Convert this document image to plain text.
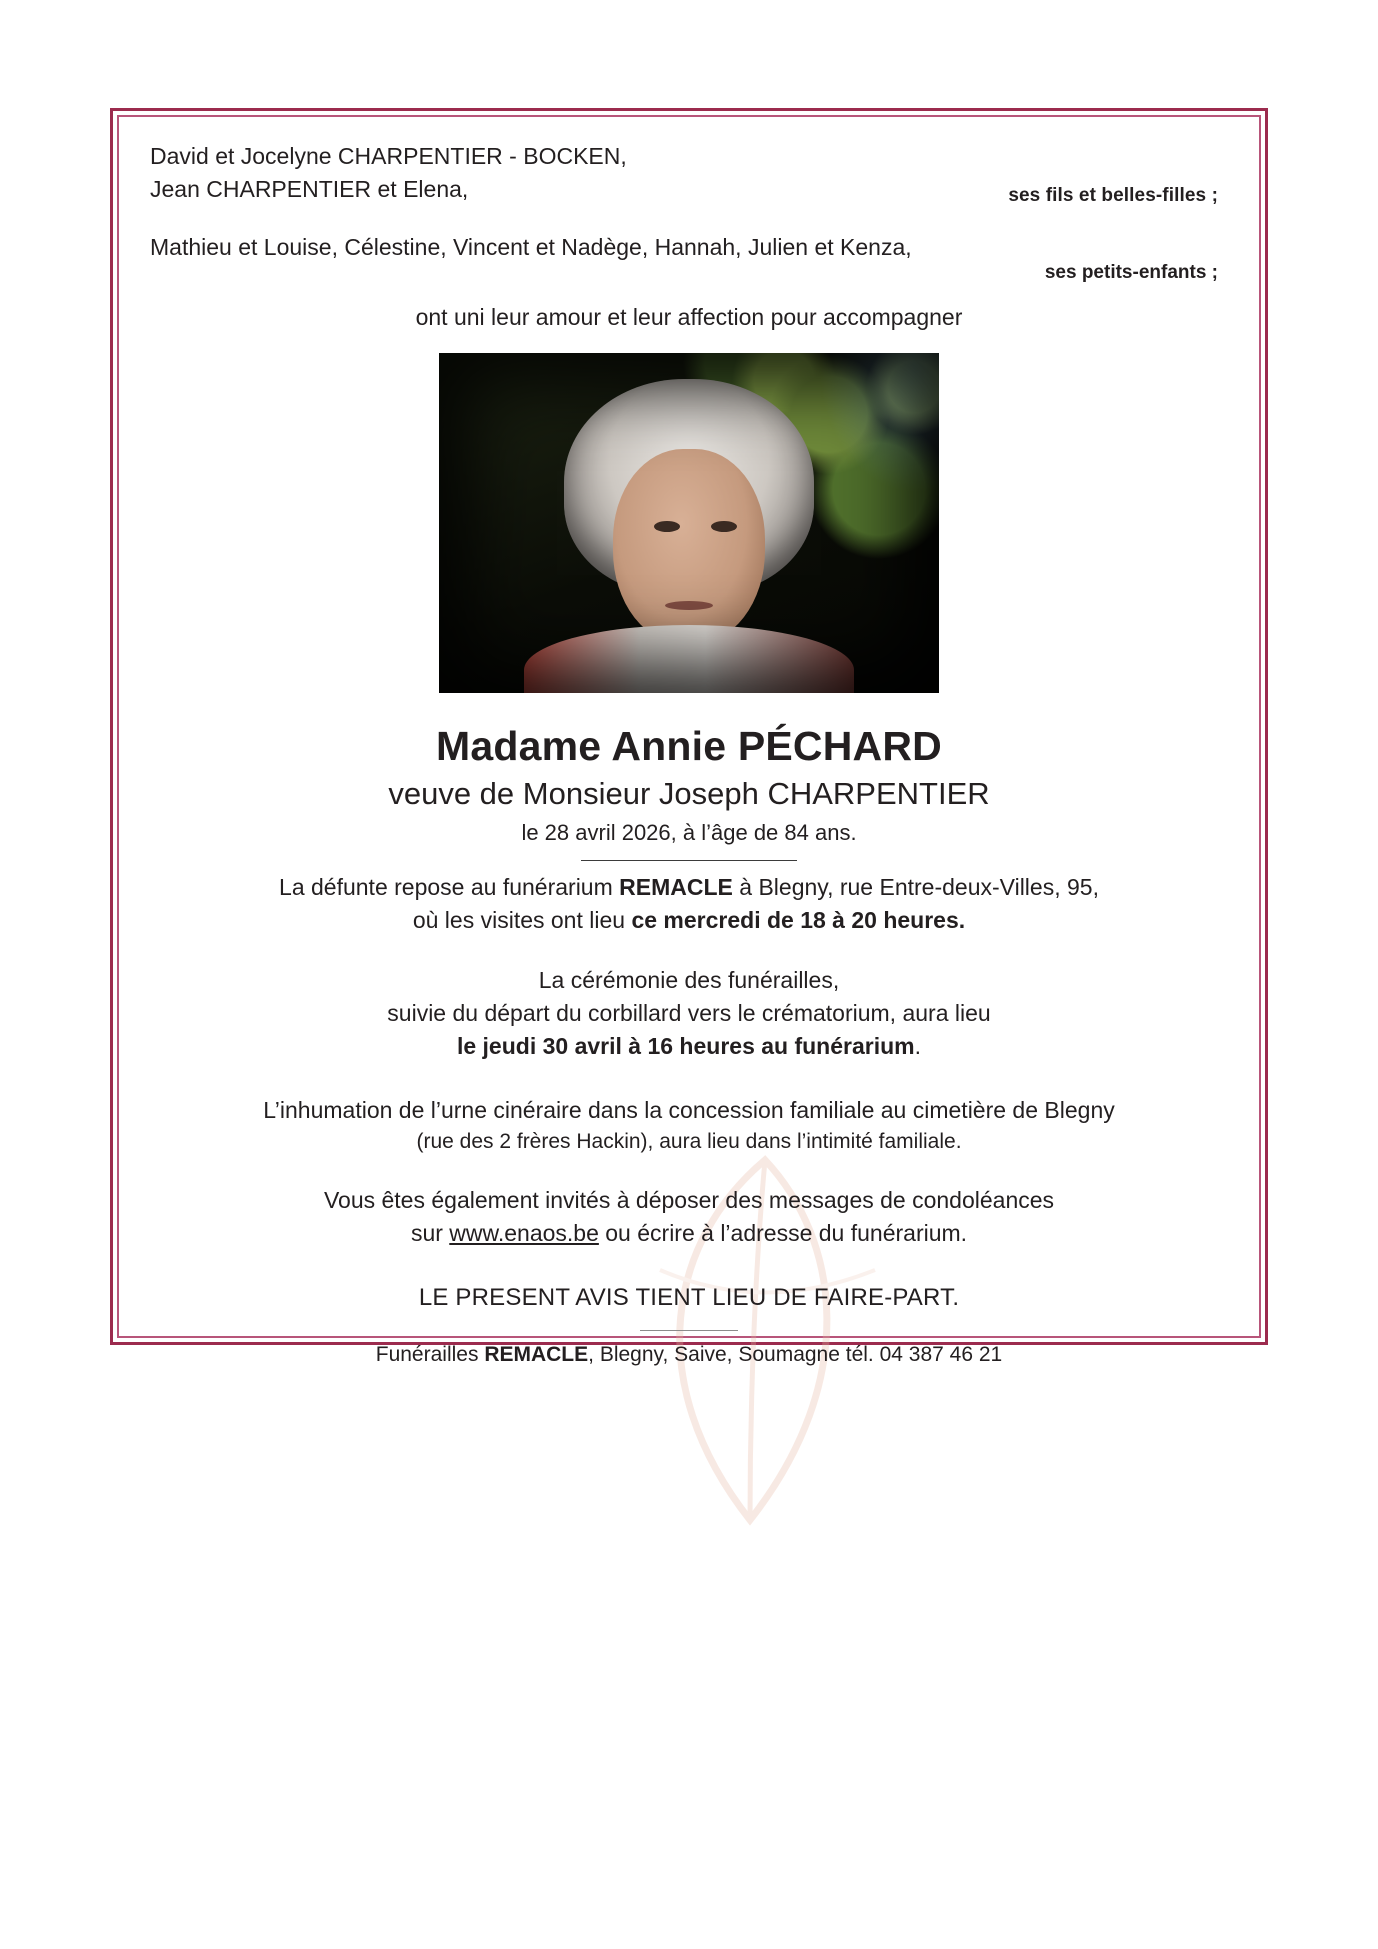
David et Jocelyne CHARPENTIER - BOCKEN,
Jean CHARPENTIER et Elena,	ses fils et belles-filles ;
Mathieu et Louise, Célestine, Vincent et Nadège, Hannah, Julien et Kenza,
ses petits-enfants ;
ont uni leur amour et leur affection pour accompagner
Madame Annie PÉCHARD
veuve de Monsieur Joseph CHARPENTIER
le 28 avril 2026, à l’âge de 84 ans.
La défunte repose au funérarium REMACLE à Blegny, rue Entre-deux-Villes, 95,
où les visites ont lieu ce mercredi de 18 à 20 heures.
La cérémonie des funérailles,
suivie du départ du corbillard vers le crématorium, aura lieu
le jeudi 30 avril à 16 heures au funérarium.
L’inhumation de l’urne cinéraire dans la concession familiale au cimetière de Blegny
(rue des 2 frères Hackin), aura lieu dans l’intimité familiale.
Vous êtes également invités à déposer des messages de condoléances
sur www.enaos.be ou écrire à l’adresse du funérarium.
LE PRESENT AVIS TIENT LIEU DE FAIRE-PART.
Funérailles REMACLE, Blegny, Saive, Soumagne tél. 04 387 46 21
